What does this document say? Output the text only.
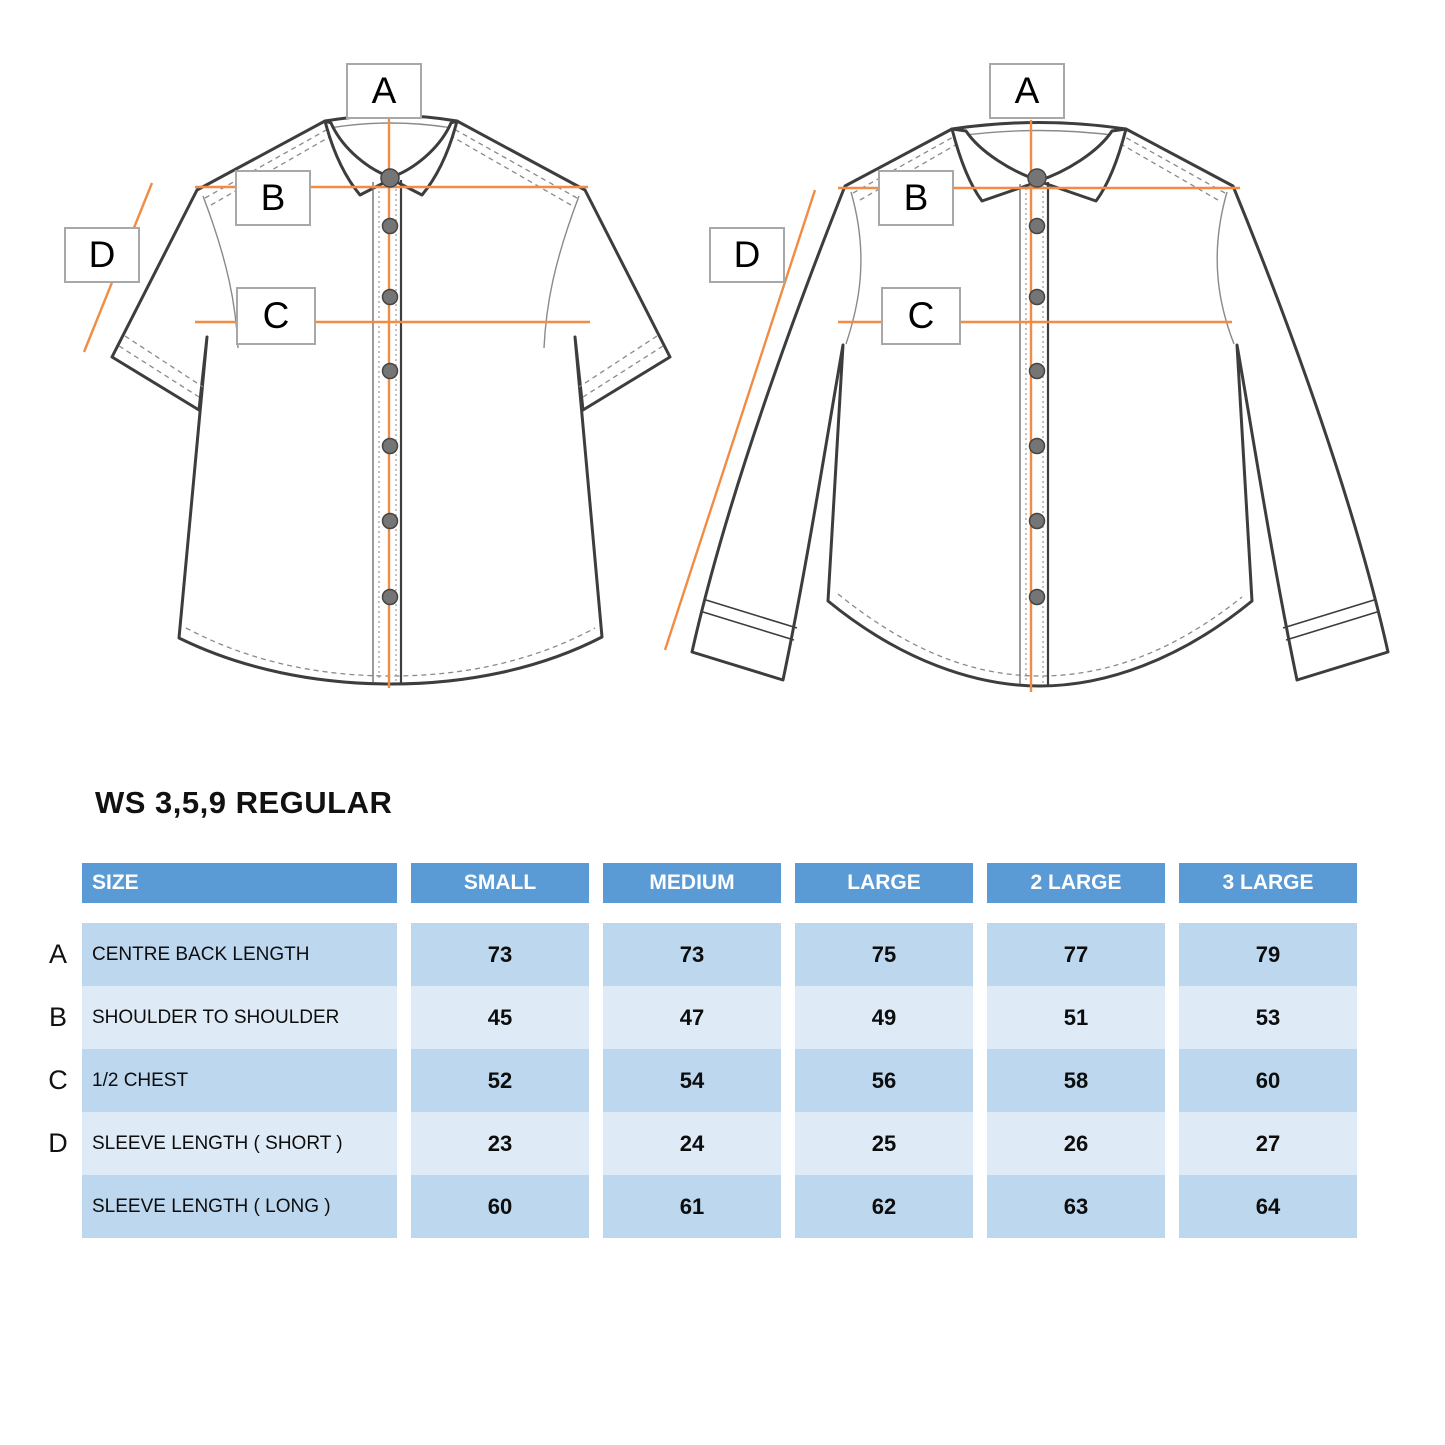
A
B
C
D
A
B
C
D
WS 3,5,9 REGULAR
A
B
C
D
SIZE	SMALL	MEDIUM	LARGE	2 LARGE	3 LARGE
CENTRE BACK LENGTH	73	73	75	77	79
SHOULDER TO SHOULDER	45	47	49	51	53
1/2 CHEST	52	54	56	58	60
SLEEVE LENGTH ( SHORT )	23	24	25	26	27
SLEEVE LENGTH ( LONG )	60	61	62	63	64
